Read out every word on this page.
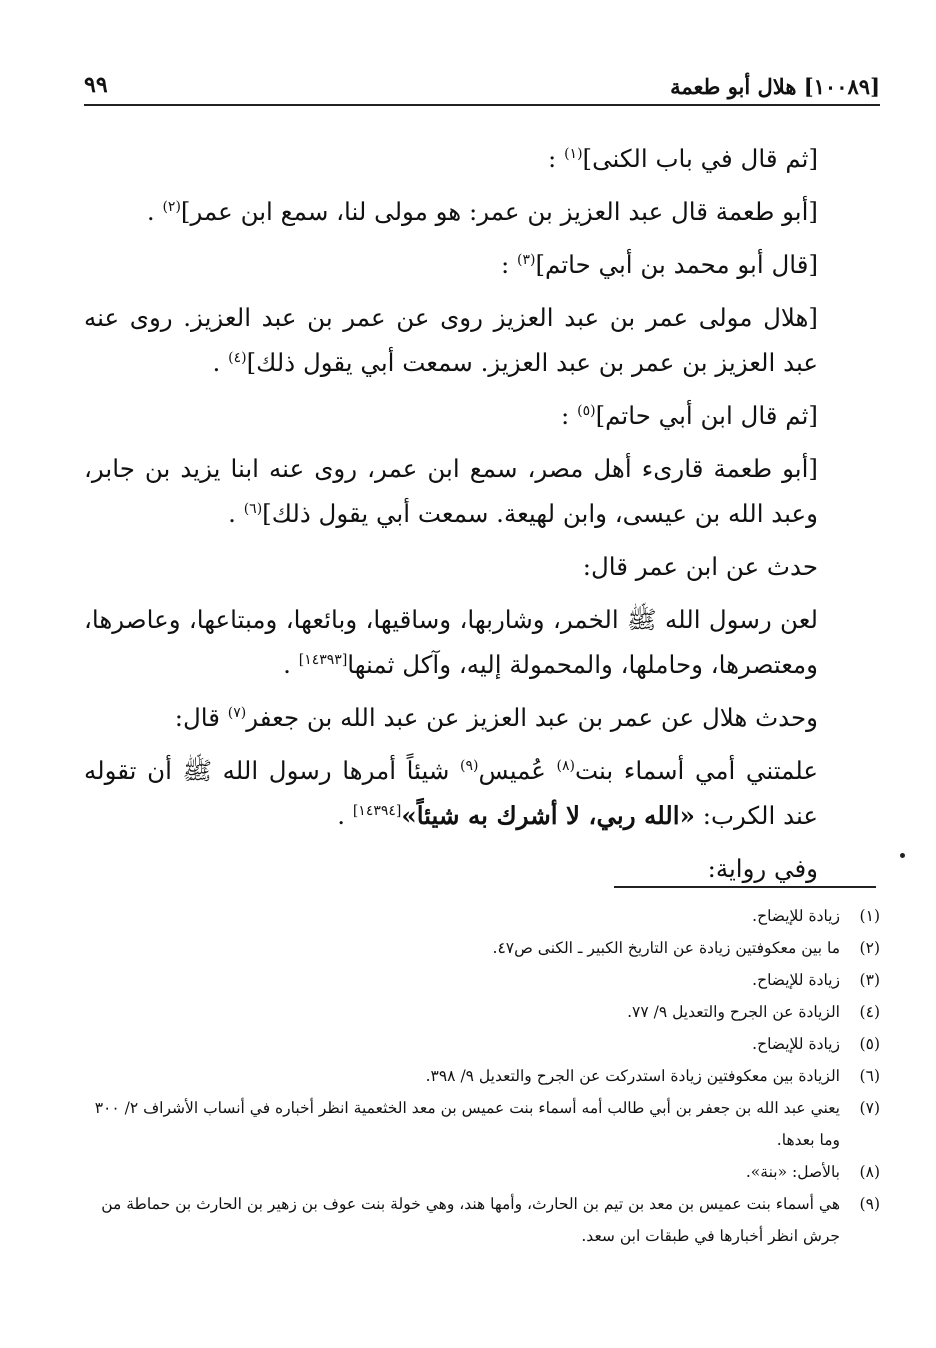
[١٠٠٨٩] هلال أبو طعمة
٩٩

[ثم قال في باب الكنى]$^{(١)}$ :

[أبو طعمة قال عبد العزيز بن عمر: هو مولى لنا، سمع ابن عمر]$^{(٢)}$ .

[قال أبو محمد بن أبي حاتم]$^{(٣)}$ :

[هلال مولى عمر بن عبد العزيز روى عن عمر بن عبد العزيز. روى عنه عبد العزيز بن عمر بن عبد العزيز. سمعت أبي يقول ذلك]$^{(٤)}$ .

[ثم قال ابن أبي حاتم]$^{(٥)}$ :

[أبو طعمة قارىء أهل مصر، سمع ابن عمر، روى عنه ابنا يزيد بن جابر، وعبد الله بن عيسى، وابن لهيعة. سمعت أبي يقول ذلك]$^{(٦)}$ .

حدث عن ابن عمر قال:

لعن رسول الله ﷺ الخمر، وشاربها، وساقيها، وبائعها، ومبتاعها، وعاصرها، ومعتصرها، وحاملها، والمحمولة إليه، وآكل ثمنها[١٤٣٩٣] .

وحدث هلال عن عمر بن عبد العزيز عن عبد الله بن جعفر$^{(٧)}$ قال:

علمتني أمي أسماء بنت$^{(٨)}$ عُميس$^{(٩)}$ شيئاً أمرها رسول الله ﷺ أن تقوله عند الكرب: «الله ربي، لا أشرك به شيئاً»[١٤٣٩٤] .

وفي رواية:

(١)
زيادة للإيضاح.
(٢)
ما بين معكوفتين زيادة عن التاريخ الكبير ـ الكنى ص٤٧.
(٣)
زيادة للإيضاح.
(٤)
الزيادة عن الجرح والتعديل ٩/ ٧٧.
(٥)
زيادة للإيضاح.
(٦)
الزيادة بين معكوفتين زيادة استدركت عن الجرح والتعديل ٩/ ٣٩٨.
(٧)
يعني عبد الله بن جعفر بن أبي طالب أمه أسماء بنت عميس بن معد الخثعمية انظر أخباره في أنساب الأشراف ٢/ ٣٠٠ وما بعدها.
(٨)
بالأصل: «بنة».
(٩)
هي أسماء بنت عميس بن معد بن تيم بن الحارث، وأمها هند، وهي خولة بنت عوف بن زهير بن الحارث بن حماطة من جرش انظر أخبارها في طبقات ابن سعد.
